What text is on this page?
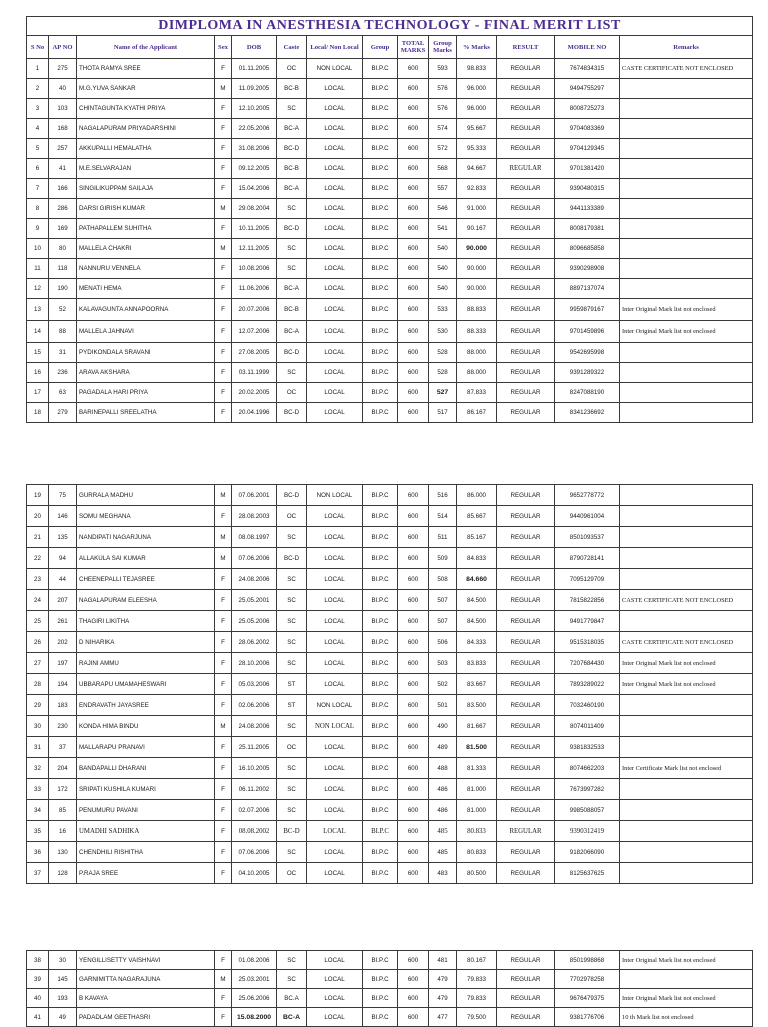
DIMPLOMA IN ANESTHESIA TECHNOLOGY - FINAL MERIT LIST													
S No	AP NO	Name of the Applicant	Sex	DOB	Caste	Local/ Non Local	Group	TOTAL MARKS	Group Marks	% Marks	RESULT	MOBILE NO	Remarks
1	275	THOTA RAMYA SREE	F	01.11.2005	OC	NON LOCAL	BI.P.C	600	593	98.833	REGULAR	7674834315	CASTE CERTIFICATE NOT ENCLOSED
2	40	M.G.YUVA SANKAR	M	11.09.2005	BC-B	LOCAL	BI.P.C	600	576	96.000	REGULAR	9494755297	
3	103	CHINTAGUNTA KYATHI PRIYA	F	12.10.2005	SC	LOCAL	BI.P.C	600	576	96.000	REGULAR	8008725273	
4	168	NAGALAPURAM PRIYADARSHINI	F	22.05.2006	BC-A	LOCAL	BI.P.C	600	574	95.667	REGULAR	9704083369	
5	257	AKKUPALLI HEMALATHA	F	31.08.2006	BC-D	LOCAL	BI.P.C	600	572	95.333	REGULAR	9704129345	
6	41	M.E.SELVARAJAN	F	09.12.2005	BC-B	LOCAL	BI.P.C	600	568	94.667	REGULAR	9701381420	
7	166	SINGILIKUPPAM SAILAJA	F	15.04.2006	BC-A	LOCAL	BI.P.C	600	557	92.833	REGULAR	9390480315	
8	286	DARSI GIRISH KUMAR	M	29.08.2004	SC	LOCAL	BI.P.C	600	546	91.000	REGULAR	9441133389	
9	169	PATHAPALLEM SUHITHA	F	10.11.2005	BC-D	LOCAL	BI.P.C	600	541	90.167	REGULAR	8008179381	
10	80	MALLELA CHAKRI	M	12.11.2005	SC	LOCAL	BI.P.C	600	540	90.000	REGULAR	8096685858	
11	118	NANNURU VENNELA	F	10.08.2006	SC	LOCAL	BI.P.C	600	540	90.000	REGULAR	9390298908	
12	190	MENATI HEMA	F	11.06.2006	BC-A	LOCAL	BI.P.C	600	540	90.000	REGULAR	8897137074	
13	52	KALAVAGUNTA ANNAPOORNA	F	20.07.2006	BC-B	LOCAL	BI.P.C	600	533	88.833	REGULAR	9959879167	Inter Original Mark list not enclosed
14	88	MALLELA JAHNAVI	F	12.07.2006	BC-A	LOCAL	BI.P.C	600	530	88.333	REGULAR	9701459896	Inter Original Mark list not enclosed
15	31	PYDIKONDALA SRAVANI	F	27.08.2005	BC-D	LOCAL	BI.P.C	600	528	88.000	REGULAR	9542695998	
16	236	ARAVA AKSHARA	F	03.11.1999	SC	LOCAL	BI.P.C	600	528	88.000	REGULAR	9391289322	
17	63	PAGADALA HARI PRIYA	F	20.02.2005	OC	LOCAL	BI.P.C	600	527	87.833	REGULAR	8247088190	
18	279	BARINEPALLI SREELATHA	F	20.04.1996	BC-D	LOCAL	BI.P.C	600	517	86.167	REGULAR	8341236692	
19	75	GURRALA MADHU	M	07.06.2001	BC-D	NON LOCAL	BI.P.C	600	516	86.000	REGULAR	9652778772	
20	146	SOMU MEGHANA	F	28.08.2003	OC	LOCAL	BI.P.C	600	514	85.667	REGULAR	9440961004	
21	135	NANDIPATI NAGARJUNA	M	08.08.1997	SC	LOCAL	BI.P.C	600	511	85.167	REGULAR	8501093537	
22	94	ALLAKULA SAI KUMAR	M	07.06.2006	BC-D	LOCAL	BI.P.C	600	509	84.833	REGULAR	8790728141	
23	44	CHEENEPALLI TEJASREE	F	24.08.2006	SC	LOCAL	BI.P.C	600	508	84.660	REGULAR	7095129709	
24	207	NAGALAPURAM ELEESHA	F	25.05.2001	SC	LOCAL	BI.P.C	600	507	84.500	REGULAR	7815822856	CASTE CERTIFICATE NOT ENCLOSED
25	261	THAGIRI LIKITHA	F	25.05.2006	SC	LOCAL	BI.P.C	600	507	84.500	REGULAR	9491779847	
26	202	D NIHARIKA	F	28.06.2002	SC	LOCAL	BI.P.C	600	506	84.333	REGULAR	9515318035	CASTE CERTIFICATE NOT ENCLOSED
27	197	RAJINI AMMU	F	28.10.2006	SC	LOCAL	BI.P.C	600	503	83.833	REGULAR	7207684430	Inter Original Mark list not enclosed
28	194	UBBARAPU UMAMAHESWARI	F	05.03.2006	ST	LOCAL	BI.P.C	600	502	83.667	REGULAR	7893289022	Inter Original Mark list not enclosed
29	183	ENDRAVATH JAYASREE	F	02.06.2006	ST	NON LOCAL	BI.P.C	600	501	83.500	REGULAR	7032460190	
30	230	KONDA HIMA BINDU	M	24.08.2006	SC	NON LOCAL	BI.P.C	600	490	81.667	REGULAR	8074011409	
31	37	MALLARAPU PRANAVI	F	25.11.2005	OC	LOCAL	BI.P.C	600	489	81.500	REGULAR	9381832533	
32	204	BANDAPALLI DHARANI	F	16.10.2005	SC	LOCAL	BI.P.C	600	488	81.333	REGULAR	8074662203	Inter Certificate Mark list not enclosed
33	172	SRIPATI KUSHILA KUMARI	F	06.11.2002	SC	LOCAL	BI.P.C	600	486	81.000	REGULAR	7673997282	
34	85	PENUMURU PAVANI	F	02.07.2006	SC	LOCAL	BI.P.C	600	486	81.000	REGULAR	9985088057	
35	16	UMADHI SADHIKA	F	08.08.2002	BC-D	LOCAL	BI.P.C	600	485	80.833	REGULAR	9390312419	
36	130	CHENDHILI RISHITHA	F	07.06.2006	SC	LOCAL	BI.P.C	600	485	80.833	REGULAR	9182066090	
37	128	P.RAJA SREE	F	04.10.2005	OC	LOCAL	BI.P.C	600	483	80.500	REGULAR	8125637625	
38	30	YENGILLISETTY VAISHNAVI	F	01.08.2006	SC	LOCAL	BI.P.C	600	481	80.167	REGULAR	8501998868	Inter Original Mark list not enclosed
39	145	GARNIMITTA NAGARAJUNA	M	25.03.2001	SC	LOCAL	BI.P.C	600	479	79.833	REGULAR	7702978258	
40	193	B KAVAYA	F	25.06.2006	BC.A	LOCAL	BI.P.C	600	479	79.833	REGULAR	9676479375	Inter Original Mark list not enclosed
41	49	PADADLAM GEETHASRI	F	15.08.2000	BC-A	LOCAL	BI.P.C	600	477	79.500	REGULAR	9381776706	10 th Mark list not enclosed
